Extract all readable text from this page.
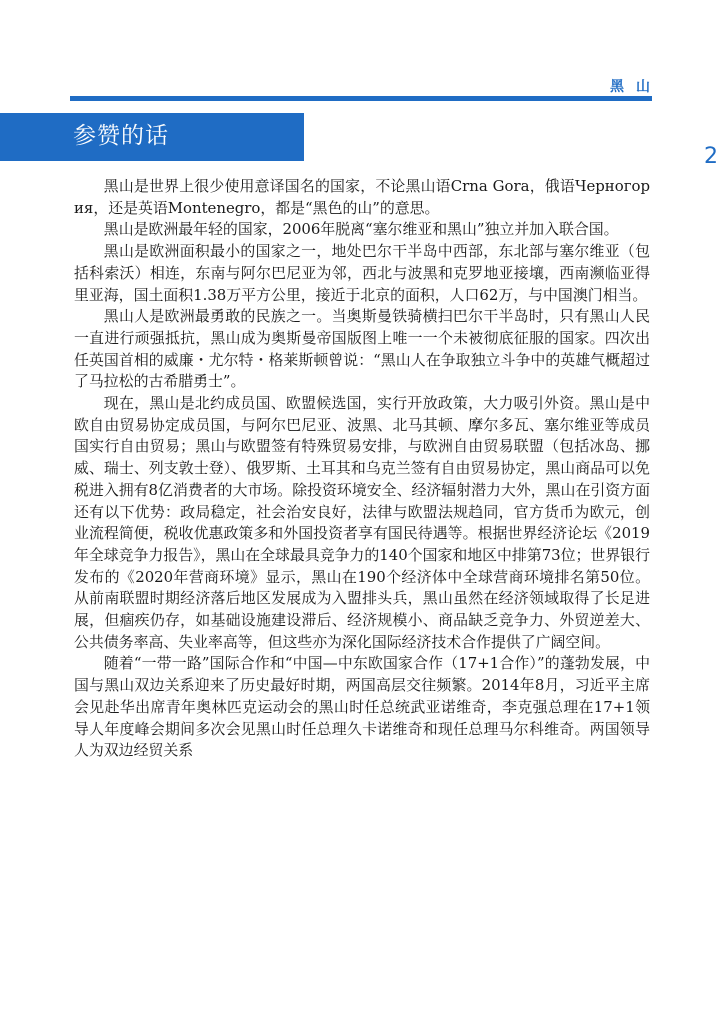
黑山
参赞的话
2

黑山是世界上很少使用意译国名的国家，不论黑山语Crna Gora，俄语Черногория，还是英语Montenegro，都是“黑色的山”的意思。

黑山是欧洲最年轻的国家，2006年脱离“塞尔维亚和黑山”独立并加入联合国。

黑山是欧洲面积最小的国家之一，地处巴尔干半岛中西部，东北部与塞尔维亚（包括科索沃）相连，东南与阿尔巴尼亚为邻，西北与波黑和克罗地亚接壤，西南濒临亚得里亚海，国土面积1.38万平方公里，接近于北京的面积，人口62万，与中国澳门相当。

黑山人是欧洲最勇敢的民族之一。当奥斯曼铁骑横扫巴尔干半岛时，只有黑山人民一直进行顽强抵抗，黑山成为奥斯曼帝国版图上唯一一个未被彻底征服的国家。四次出任英国首相的威廉・尤尔特・格莱斯顿曾说：“黑山人在争取独立斗争中的英雄气概超过了马拉松的古希腊勇士”。

现在，黑山是北约成员国、欧盟候选国，实行开放政策，大力吸引外资。黑山是中欧自由贸易协定成员国，与阿尔巴尼亚、波黑、北马其顿、摩尔多瓦、塞尔维亚等成员国实行自由贸易；黑山与欧盟签有特殊贸易安排，与欧洲自由贸易联盟（包括冰岛、挪威、瑞士、列支敦士登）、俄罗斯、土耳其和乌克兰签有自由贸易协定，黑山商品可以免税进入拥有8亿消费者的大市场。除投资环境安全、经济辐射潜力大外，黑山在引资方面还有以下优势：政局稳定，社会治安良好，法律与欧盟法规趋同，官方货币为欧元，创业流程简便，税收优惠政策多和外国投资者享有国民待遇等。根据世界经济论坛《2019年全球竞争力报告》，黑山在全球最具竞争力的140个国家和地区中排第73位；世界银行发布的《2020年营商环境》显示，黑山在190个经济体中全球营商环境排名第50位。从前南联盟时期经济落后地区发展成为入盟排头兵，黑山虽然在经济领域取得了长足进展，但痼疾仍存，如基础设施建设滞后、经济规模小、商品缺乏竞争力、外贸逆差大、公共债务率高、失业率高等，但这些亦为深化国际经济技术合作提供了广阔空间。

随着“一带一路”国际合作和“中国—中东欧国家合作（17+1合作）”的蓬勃发展，中国与黑山双边关系迎来了历史最好时期，两国高层交往频繁。2014年8月，习近平主席会见赴华出席青年奥林匹克运动会的黑山时任总统武亚诺维奇，李克强总理在17+1领导人年度峰会期间多次会见黑山时任总理久卡诺维奇和现任总理马尔科维奇。两国领导人为双边经贸关系
